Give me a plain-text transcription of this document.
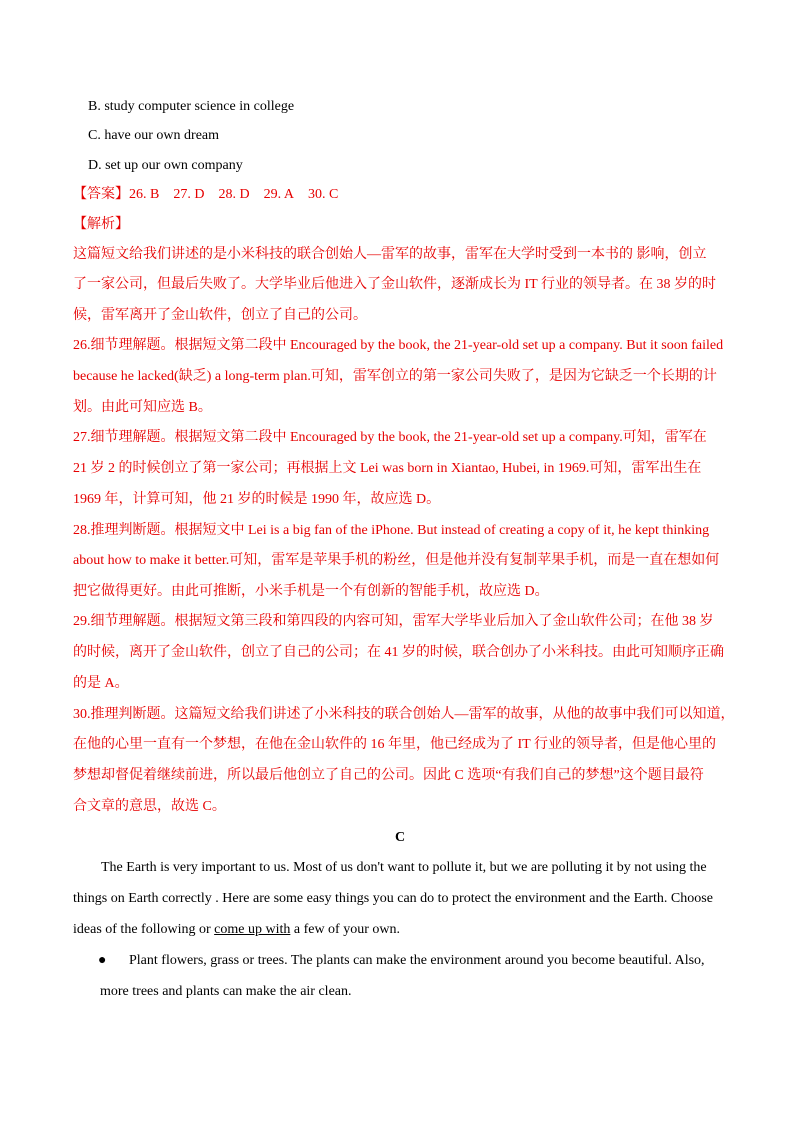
B. study computer science in college
C. have our own dream
D. set up our own company
【答案】26. B 27. D 28. D 29. A 30. C
【解析】
这篇短文给我们讲述的是小米科技的联合创始人—雷军的故事，雷军在大学时受到一本书的 影响，创立
了一家公司，但最后失败了。大学毕业后他进入了金山软件，逐渐成长为 IT 行业的领导者。在 38 岁的时
候，雷军离开了金山软件，创立了自己的公司。
26.细节理解题。根据短文第二段中 Encouraged by the book, the 21-year-old set up a company. But it soon failed
because he lacked(缺乏) a long-term plan.可知，雷军创立的第一家公司失败了，是因为它缺乏一个长期的计
划。由此可知应选 B。
27.细节理解题。根据短文第二段中 Encouraged by the book, the 21-year-old set up a company.可知，雷军在
21 岁 2 的时候创立了第一家公司；再根据上文 Lei was born in Xiantao, Hubei, in 1969.可知，雷军出生在
1969 年，计算可知，他 21 岁的时候是 1990 年，故应选 D。
28.推理判断题。根据短文中 Lei is a big fan of the iPhone. But instead of creating a copy of it, he kept thinking
about how to make it better.可知，雷军是苹果手机的粉丝，但是他并没有复制苹果手机，而是一直在想如何
把它做得更好。由此可推断，小米手机是一个有创新的智能手机，故应选 D。
29.细节理解题。根据短文第三段和第四段的内容可知，雷军大学毕业后加入了金山软件公司；在他 38 岁
的时候，离开了金山软件，创立了自己的公司；在 41 岁的时候，联合创办了小米科技。由此可知顺序正确
的是 A。
30.推理判断题。这篇短文给我们讲述了小米科技的联合创始人—雷军的故事，从他的故事中我们可以知道，
在他的心里一直有一个梦想，在他在金山软件的 16 年里，他已经成为了 IT 行业的领导者，但是他心里的
梦想却督促着继续前进，所以最后他创立了自己的公司。因此 C 选项“有我们自己的梦想”这个题目最符
合文章的意思，故选 C。
C
The Earth is very important to us. Most of us don't want to pollute it, but we are polluting it by not using the
things on Earth correctly . Here are some easy things you can do to protect the environment and the Earth. Choose
ideas of the following or come up with a few of your own.
● Plant flowers, grass or trees. The plants can make the environment around you become beautiful. Also,
more trees and plants can make the air clean.
